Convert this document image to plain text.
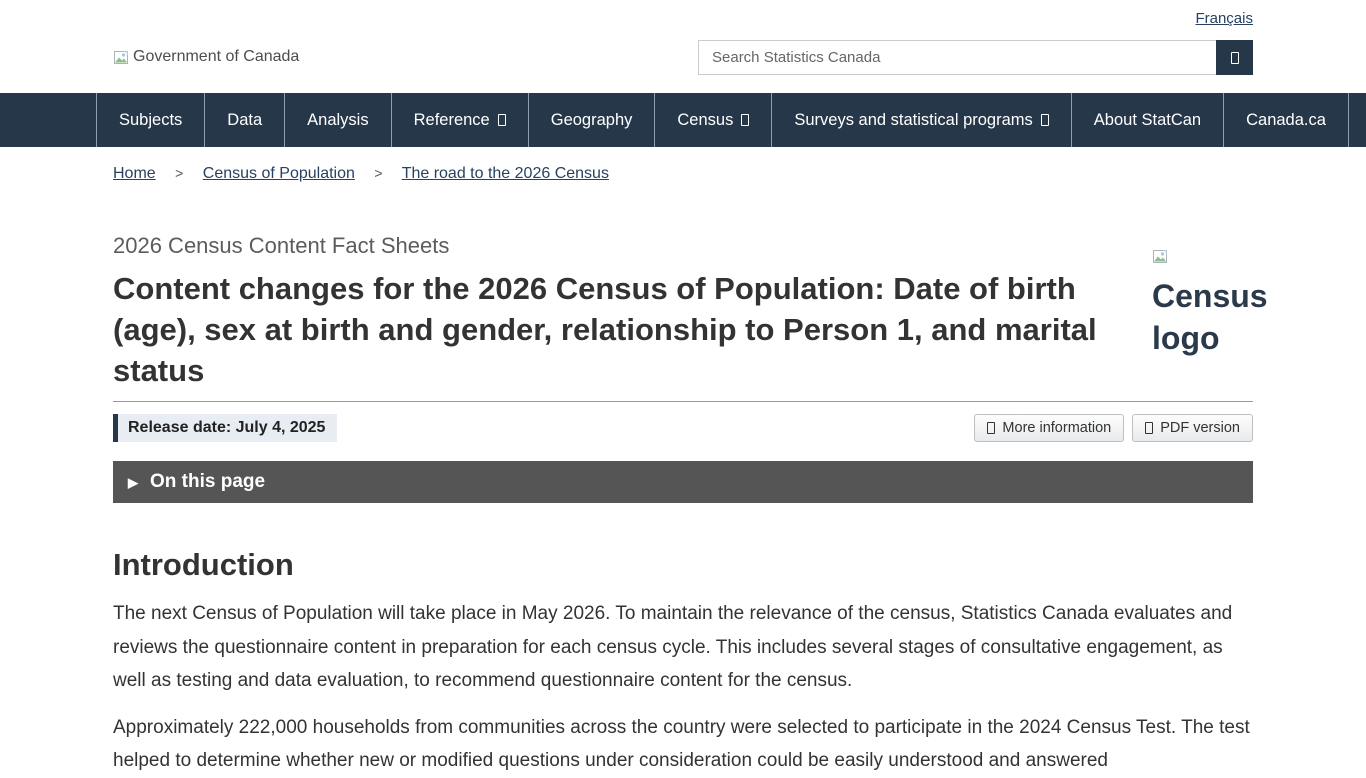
Français
Government of Canada
Search Statistics Canada
Subjects	Data	Analysis	Reference	Geography	Census	Surveys and statistical programs	About StatCan	Canada.ca
Home > Census of Population > The road to the 2026 Census
Census logo
2026 Census Content Fact Sheets
Content changes for the 2026 Census of Population: Date of birth (age), sex at birth and gender, relationship to Person 1, and marital status
Release date: July 4, 2025	More information	PDF version
▶ On this page
Introduction

The next Census of Population will take place in May 2026. To maintain the relevance of the census, Statistics Canada evaluates and reviews the questionnaire content in preparation for each census cycle. This includes several stages of consultative engagement, as well as testing and data evaluation, to recommend questionnaire content for the census.

Approximately 222,000 households from communities across the country were selected to participate in the 2024 Census Test. The test helped to determine whether new or modified questions under consideration could be easily understood and answered
